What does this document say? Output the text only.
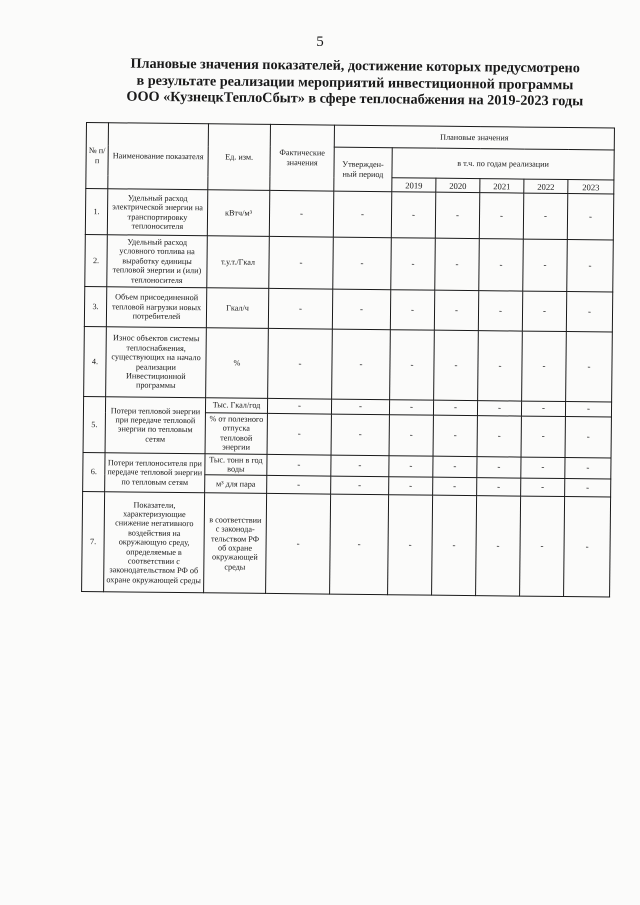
5
Плановые значения показателей, достижение которых предусмотрено
в результате реализации мероприятий инвестиционной программы
ООО «КузнецкТеплоСбыт» в сфере теплоснабжения на 2019-2023 годы
№ п/п	Наименование показателя	Ед. изм.	Фактические значения	Плановые значения					
				Утвержден-ный период	в т.ч. по годам реализации				
					2019	2020	2021	2022	2023
1.	Удельный расход электрической энергии на транспортировку теплоносителя	кВтч/м³	-	-	-	-	-	-	-
2.	Удельный расход условного топлива на выработку единицы тепловой энергии и (или) теплоносителя	т.у.т./Гкал	-	-	-	-	-	-	-
3.	Объем присоединенной тепловой нагрузки новых потребителей	Гкал/ч	-	-	-	-	-	-	-
4.	Износ объектов системы теплоснабжения, существующих на начало реализации Инвестиционной программы	%	-	-	-	-	-	-	-
5.	Потери тепловой энергии при передаче тепловой энергии по тепловым сетям	Тыс. Гкал/год	-	-	-	-	-	-	-
		% от полезного отпуска тепловой энергии	-	-	-	-	-	-	-
6.	Потери теплоносителя при передаче тепловой энергии по тепловым сетям	Тыс. тонн в год воды	-	-	-	-	-	-	-
		м³ для пара	-	-	-	-	-	-	-
7.	Показатели, характеризующие снижение негативного воздействия на окружающую среду, определяемые в соответствии с законодательством РФ об охране окружающей среды	в соответствии с законода-тельством РФ об охране окружающей среды	-	-	-	-	-	-	-
